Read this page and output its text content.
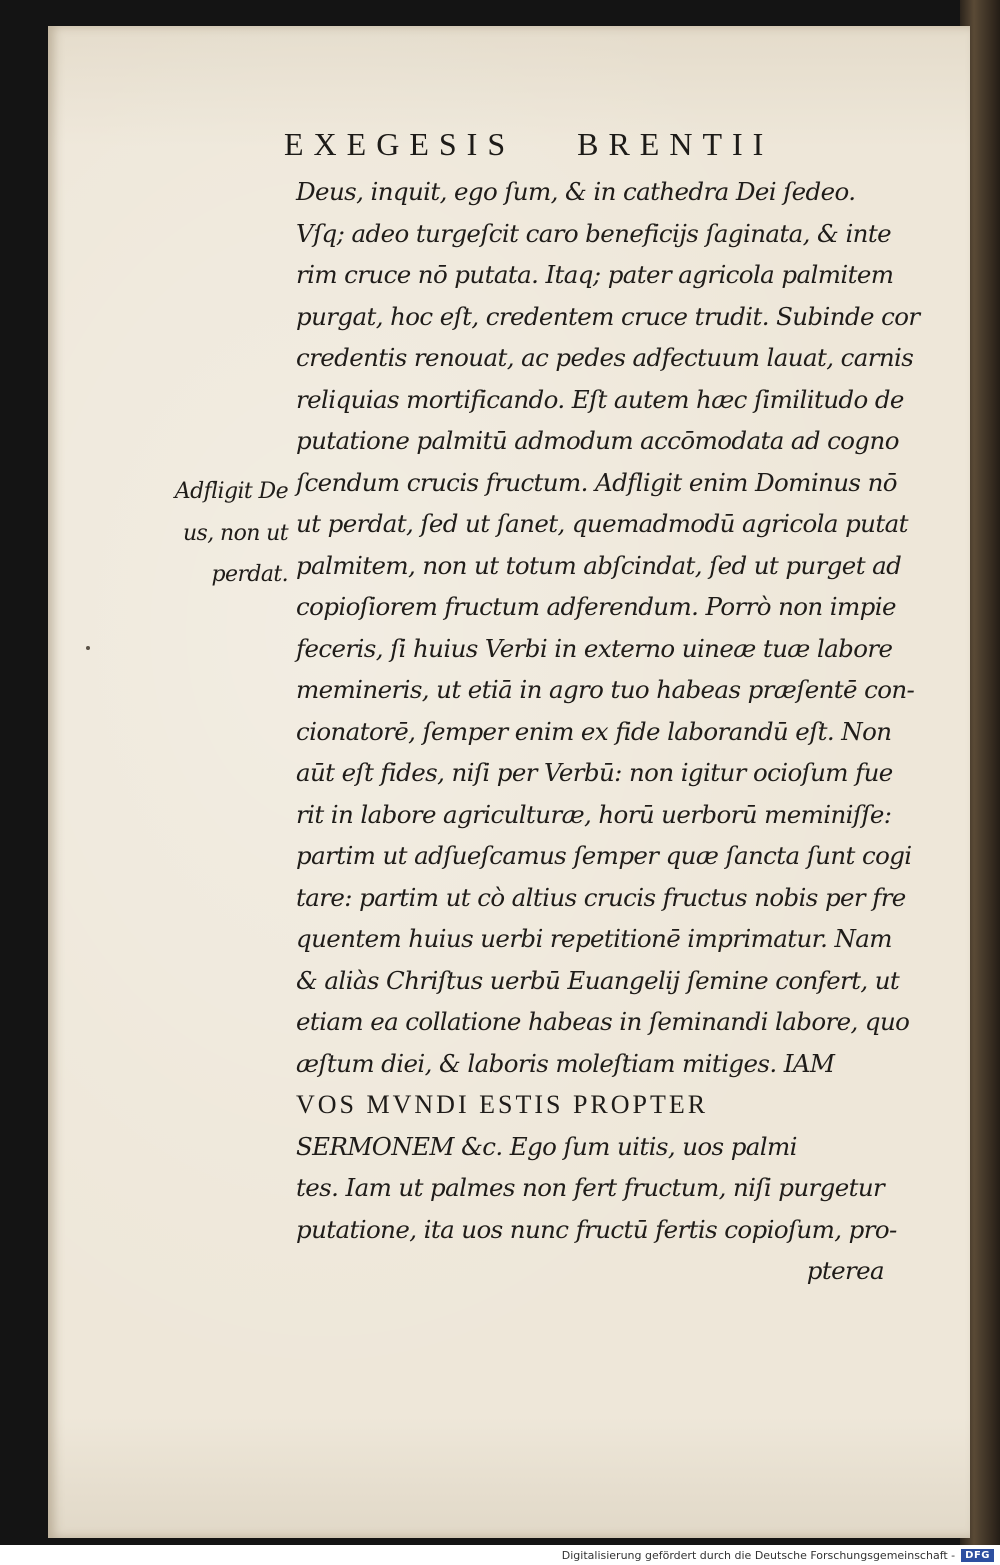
EXEGESIS BRENTII
Deus, inquit, ego ſum, & in cathedra Dei ſedeo.
Vſq; adeo turgeſcit caro beneficijs ſaginata, & inte
rim cruce nō putata. Itaq; pater agricola palmitem
purgat, hoc eſt, credentem cruce trudit. Subinde cor
credentis renouat, ac pedes adfectuum lauat, carnis
reliquias mortificando. Eſt autem hæc ſimilitudo de
putatione palmitū admodum accōmodata ad cogno
ſcendum crucis fructum. Adfligit enim Dominus nō
ut perdat, ſed ut ſanet, quemadmodū agricola putat
palmitem, non ut totum abſcindat, ſed ut purget ad
copioſiorem fructum adferendum. Porrò non impie
feceris, ſi huius Verbi in externo uineæ tuæ labore
memineris, ut etiā in agro tuo habeas præſentē con-
cionatorē, ſemper enim ex fide laborandū eſt. Non
aūt eſt fides, niſi per Verbū: non igitur ocioſum fue
rit in labore agriculturæ, horū uerborū meminiſſe:
partim ut adſueſcamus ſemper quæ ſancta ſunt cogi
tare: partim ut cò altius crucis fructus nobis per fre
quentem huius uerbi repetitionē imprimatur. Nam
& aliàs Chriſtus uerbū Euangelij ſemine confert, ut
etiam ea collatione habeas in ſeminandi labore, quo
æſtum diei, & laboris moleſtiam mitiges. IAM
VOS MVNDI ESTIS PROPTER
SERMONEM &c. Ego ſum uitis, uos palmi
tes. Iam ut palmes non fert fructum, niſi purgetur
putatione, ita uos nunc fructū fertis copioſum, pro-
pterea
Adfligit De
us, non ut
perdat.
Digitalisierung gefördert durch die Deutsche Forschungsgemeinschaft -	DFG
